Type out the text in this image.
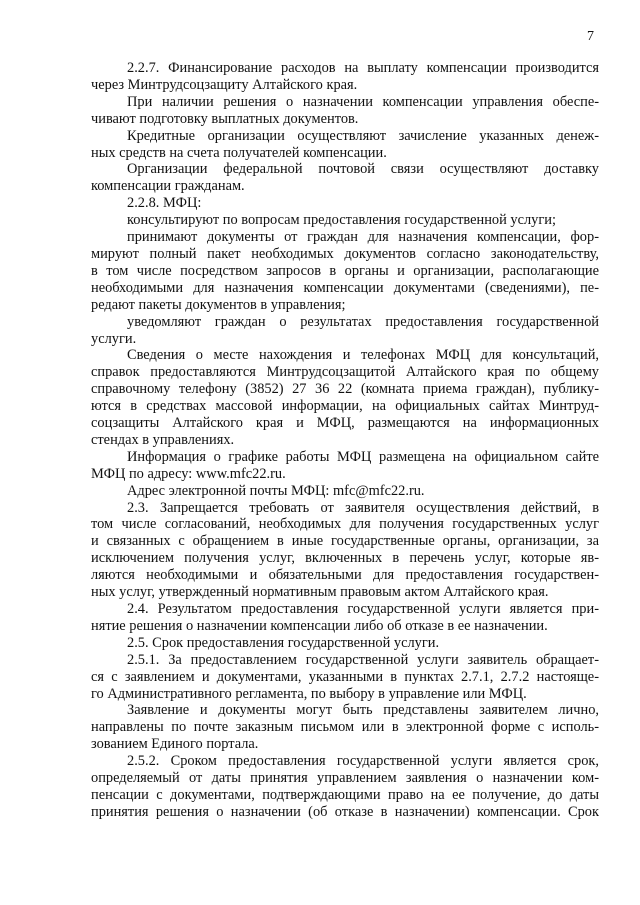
7
2.2.7. Финансирование расходов на выплату компенсации производится
через Минтрудсоцзащиту Алтайского края.
При наличии решения о назначении компенсации управления обеспе-
чивают подготовку выплатных документов.
Кредитные организации осуществляют зачисление указанных денеж-
ных средств на счета получателей компенсации.
Организации федеральной почтовой связи осуществляют доставку
компенсации гражданам.
2.2.8. МФЦ:
консультируют по вопросам предоставления государственной услуги;
принимают документы от граждан для назначения компенсации, фор-
мируют полный пакет необходимых документов согласно законодательству,
в том числе посредством запросов в органы и организации, располагающие
необходимыми для назначения компенсации документами (сведениями), пе-
редают пакеты документов в управления;
уведомляют граждан о результатах предоставления государственной
услуги.
Сведения о месте нахождения и телефонах МФЦ для консультаций,
справок предоставляются Минтрудсоцзащитой Алтайского края по общему
справочному телефону (3852) 27 36 22 (комната приема граждан), публику-
ются в средствах массовой информации, на официальных сайтах Минтруд-
соцзащиты Алтайского края и МФЦ, размещаются на информационных
стендах в управлениях.
Информация о графике работы МФЦ размещена на официальном сайте
МФЦ по адресу: www.mfc22.ru.
Адрес электронной почты МФЦ: mfc@mfc22.ru.
2.3. Запрещается требовать от заявителя осуществления действий, в
том числе согласований, необходимых для получения государственных услуг
и связанных с обращением в иные государственные органы, организации, за
исключением получения услуг, включенных в перечень услуг, которые яв-
ляются необходимыми и обязательными для предоставления государствен-
ных услуг, утвержденный нормативным правовым актом Алтайского края.
2.4. Результатом предоставления государственной услуги является при-
нятие решения о назначении компенсации либо об отказе в ее назначении.
2.5. Срок предоставления государственной услуги.
2.5.1. За предоставлением государственной услуги заявитель обращает-
ся с заявлением и документами, указанными в пунктах 2.7.1, 2.7.2 настояще-
го Административного регламента, по выбору в управление или МФЦ.
Заявление и документы могут быть представлены заявителем лично,
направлены по почте заказным письмом или в электронной форме с исполь-
зованием Единого портала.
2.5.2. Сроком предоставления государственной услуги является срок,
определяемый от даты принятия управлением заявления о назначении ком-
пенсации с документами, подтверждающими право на ее получение, до даты
принятия решения о назначении (об отказе в назначении) компенсации. Срок
